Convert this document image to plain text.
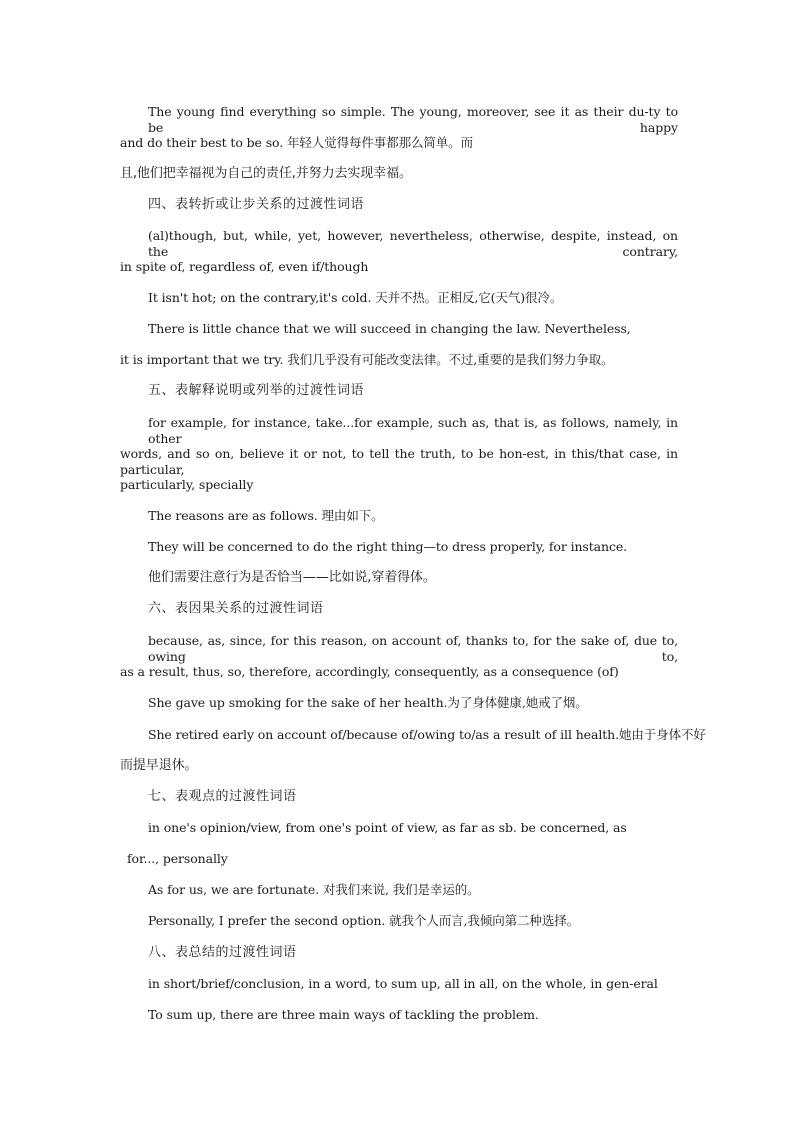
The young find everything so simple. The young, moreover, see it as their du-ty to be happy
and do their best to be so. 年轻人觉得每件事都那么简单。而
且,他们把幸福视为自己的责任,并努力去实现幸福。
四、表转折或让步关系的过渡性词语
(al)though, but, while, yet, however, nevertheless, otherwise, despite, instead, on the contrary,
in spite of, regardless of, even if/though
It isn't hot; on the contrary,it's cold. 天并不热。正相反,它(天气)很冷。
There is little chance that we will succeed in changing the law. Nevertheless,
it is important that we try. 我们几乎没有可能改变法律。不过,重要的是我们努力争取。
五、表解释说明或列举的过渡性词语
for example, for instance, take...for example, such as, that is, as follows, namely, in other
words, and so on, believe it or not, to tell the truth, to be hon-est, in this/that case, in particular,
particularly, specially
The reasons are as follows. 理由如下。
They will be concerned to do the right thing—to dress properly, for instance.
他们需要注意行为是否恰当——比如说,穿着得体。
六、表因果关系的过渡性词语
because, as, since, for this reason, on account of, thanks to, for the sake of, due to, owing to,
as a result, thus, so, therefore, accordingly, consequently, as a consequence (of)
She gave up smoking for the sake of her health.为了身体健康,她戒了烟。
She retired early on account of/because of/owing to/as a result of ill health.她由于身体不好
而提早退休。
七、表观点的过渡性词语
in one's opinion/view, from one's point of view, as far as sb. be concerned, as
for..., personally
As for us, we are fortunate. 对我们来说, 我们是幸运的。
Personally, I prefer the second option. 就我个人而言,我倾向第二种选择。
八、表总结的过渡性词语
in short/brief/conclusion, in a word, to sum up, all in all, on the whole, in gen-eral
To sum up, there are three main ways of tackling the problem.
